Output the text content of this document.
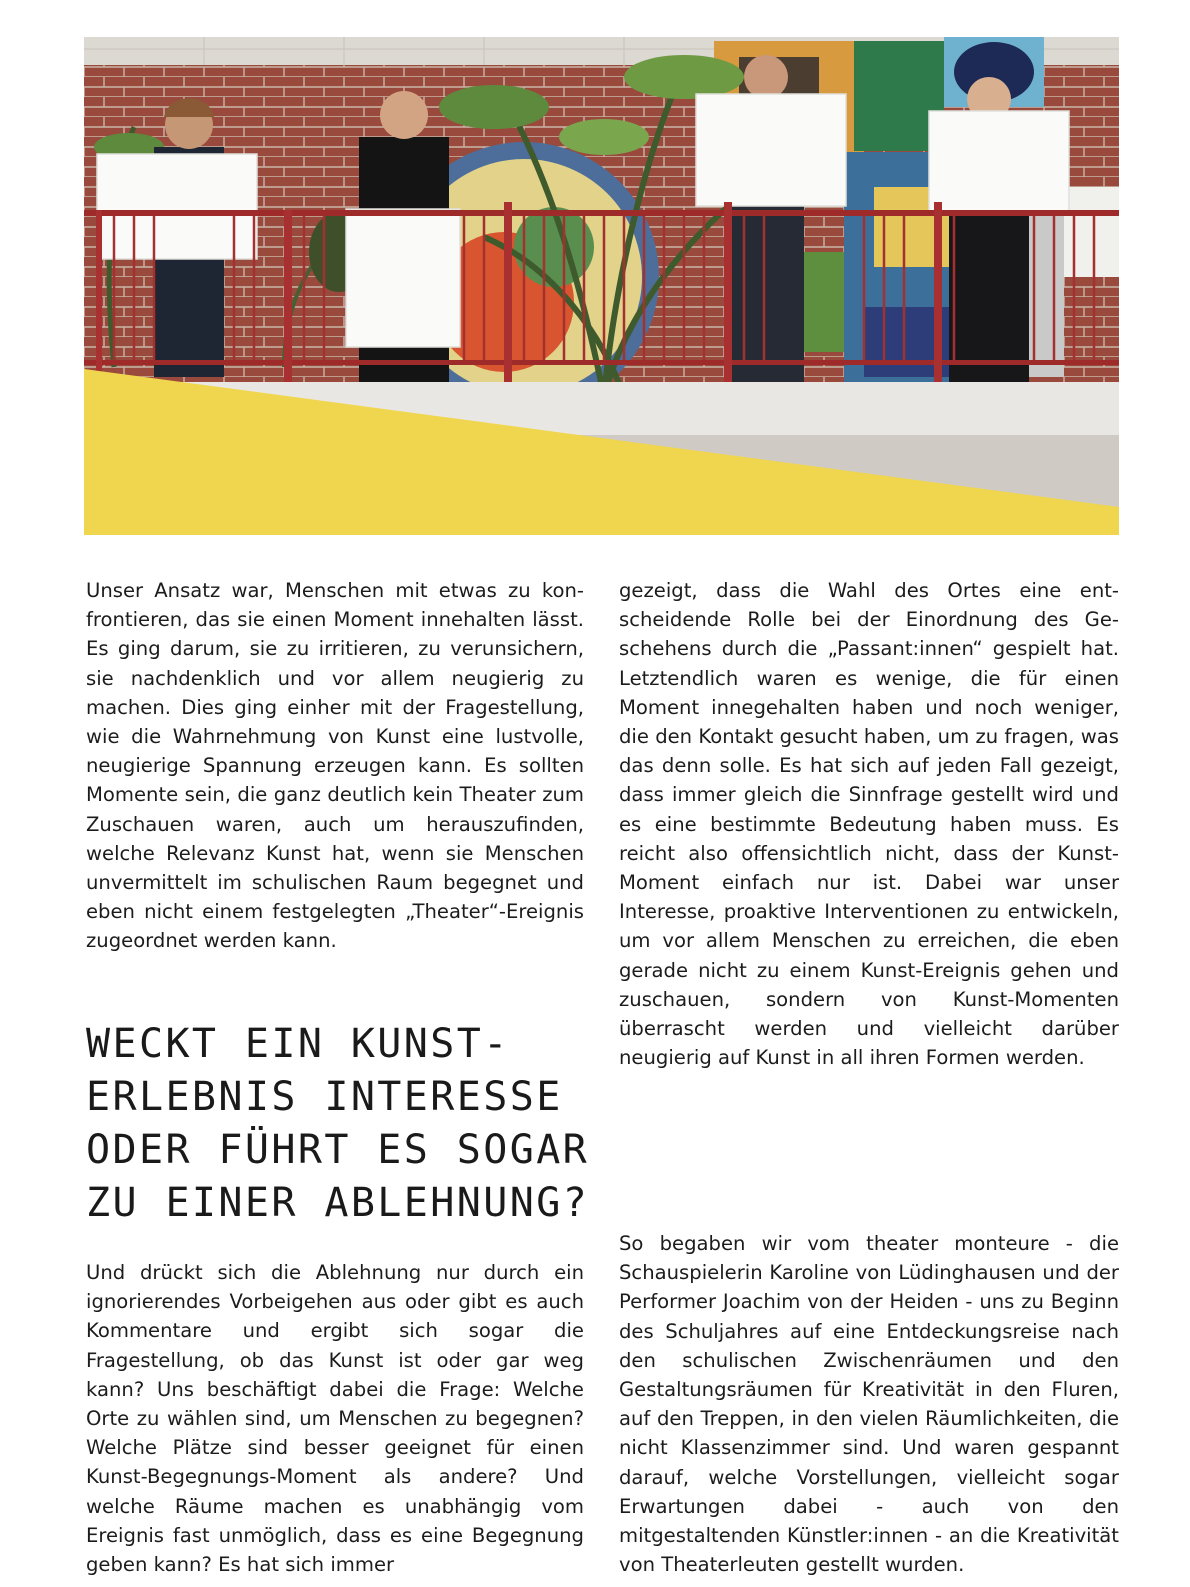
Unser Ansatz war, Menschen mit etwas zu konfrontieren, das sie einen Moment innehalten lässt. Es ging darum, sie zu irritieren, zu verunsichern, sie nachdenklich und vor allem neugierig zu machen. Dies ging einher mit der Fragestellung, wie die Wahrnehmung von Kunst eine lustvolle, neugierige Spannung erzeugen kann. Es sollten Momente sein, die ganz deutlich kein Theater zum Zuschauen waren, auch um herauszufinden, welche Relevanz Kunst hat, wenn sie Menschen unvermittelt im schulischen Raum begegnet und eben nicht einem festgelegten „Theater“-Ereignis zugeordnet werden kann.

WECKT EIN KUNST-ERLEBNIS INTERESSE ODER FÜHRT ES SOGAR ZU EINER ABLEHNUNG?

Und drückt sich die Ablehnung nur durch ein ignorierendes Vorbeigehen aus oder gibt es auch Kommentare und ergibt sich sogar die Fragestellung, ob das Kunst ist oder gar weg kann? Uns beschäftigt dabei die Frage: Welche Orte zu wählen sind, um Menschen zu begegnen? Welche Plätze sind besser geeignet für einen Kunst-Begegnungs-Moment als andere? Und welche Räume machen es unabhängig vom Ereignis fast unmöglich, dass es eine Begegnung geben kann? Es hat sich immer

gezeigt, dass die Wahl des Ortes eine entscheidende Rolle bei der Einordnung des Geschehens durch die „Passant:innen“ gespielt hat. Letztendlich waren es wenige, die für einen Moment innegehalten haben und noch weniger, die den Kontakt gesucht haben, um zu fragen, was das denn solle. Es hat sich auf jeden Fall gezeigt, dass immer gleich die Sinnfrage gestellt wird und es eine bestimmte Bedeutung haben muss. Es reicht also offensichtlich nicht, dass der Kunst-Moment einfach nur ist. Dabei war unser Interesse, proaktive Interventionen zu entwickeln, um vor allem Menschen zu erreichen, die eben gerade nicht zu einem Kunst-Ereignis gehen und zuschauen, sondern von Kunst-Momenten überrascht werden und vielleicht darüber neugierig auf Kunst in all ihren Formen werden.

So begaben wir vom theater monteure - die Schauspielerin Karoline von Lüdinghausen und der Performer Joachim von der Heiden - uns zu Beginn des Schuljahres auf eine Entdeckungsreise nach den schulischen Zwischenräumen und den Gestaltungsräumen für Kreativität in den Fluren, auf den Treppen, in den vielen Räumlichkeiten, die nicht Klassenzimmer sind. Und waren gespannt darauf, welche Vorstellungen, vielleicht sogar Erwartungen dabei - auch von den mitgestaltenden Künstler:innen - an die Kreativität von Theaterleuten gestellt wurden.
